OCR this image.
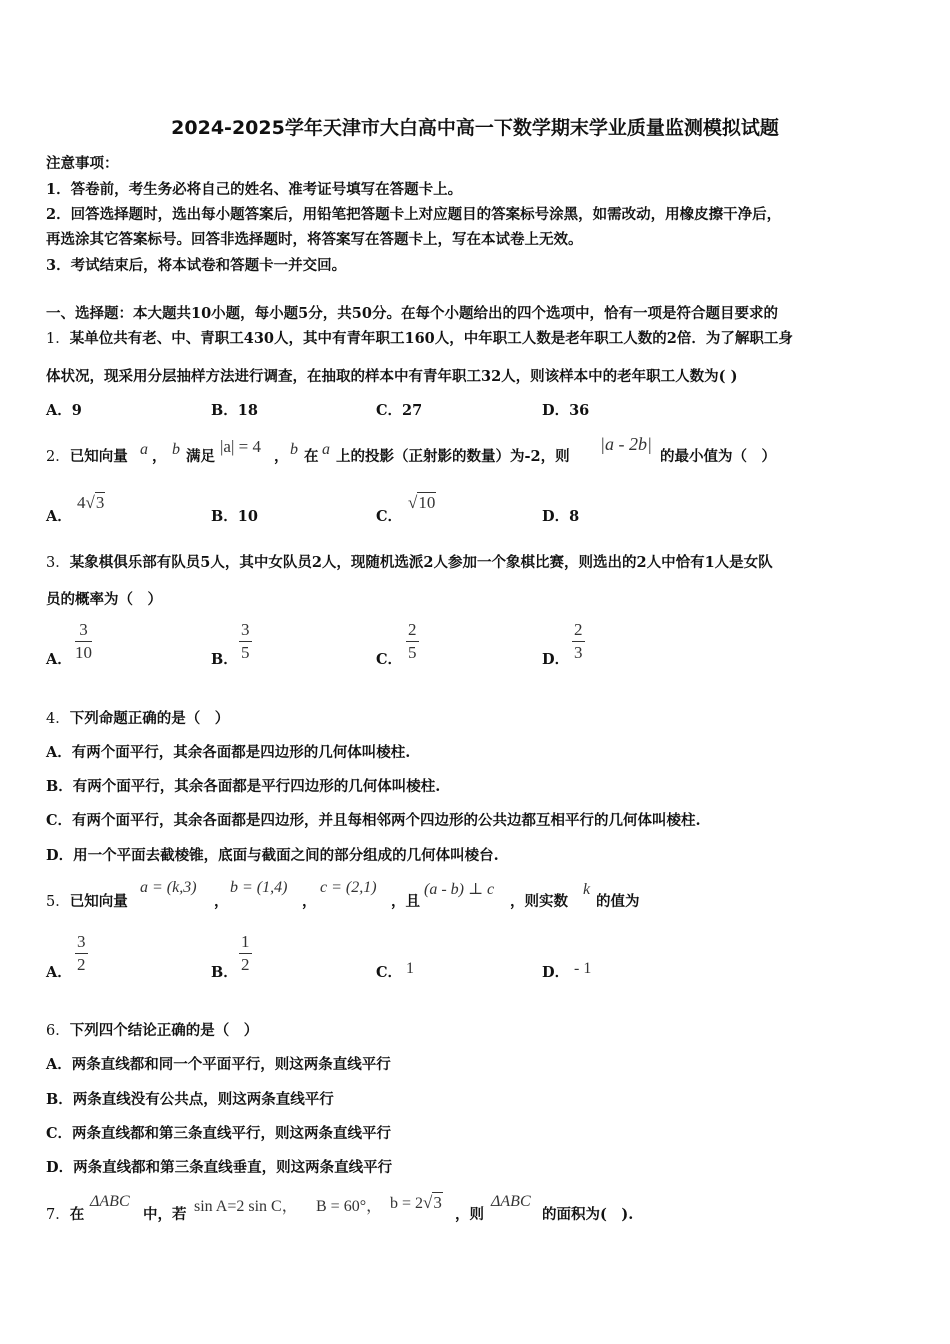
2024-2025学年天津市大白高中高一下数学期末学业质量监测模拟试题
注意事项：
1．答卷前，考生务必将自己的姓名、准考证号填写在答题卡上。
2．回答选择题时，选出每小题答案后，用铅笔把答题卡上对应题目的答案标号涂黑，如需改动，用橡皮擦干净后，
再选涂其它答案标号。回答非选择题时，将答案写在答题卡上，写在本试卷上无效。
3．考试结束后，将本试卷和答题卡一并交回。
一、选择题：本大题共10小题，每小题5分，共50分。在每个小题给出的四个选项中，恰有一项是符合题目要求的
1．某单位共有老、中、青职工430人，其中有青年职工160人，中年职工人数是老年职工人数的2倍．为了解职工身
体状况，现采用分层抽样方法进行调查，在抽取的样本中有青年职工32人，则该样本中的老年职工人数为( )
A．9	B．18	C．27	D．36
2．已知向量 a ， b 满足
|a| = 4
， b 在 a 上的投影（正射影的数量）为-2，则
|a - 2b|
的最小值为（　）
A．
4√3
B．10	C．
√10
D．8
3．某象棋俱乐部有队员5人，其中女队员2人，现随机选派2人参加一个象棋比赛，则选出的2人中恰有1人是女队
员的概率为（　）
A． $\frac{3}{10}$	B． $\frac{3}{5}$	C． $\frac{2}{5}$	D． $\frac{2}{3}$
4．下列命题正确的是（　）
A．有两个面平行，其余各面都是四边形的几何体叫棱柱.
B．有两个面平行，其余各面都是平行四边形的几何体叫棱柱.
C．有两个面平行，其余各面都是四边形，并且每相邻两个四边形的公共边都互相平行的几何体叫棱柱.
D．用一个平面去截棱锥，底面与截面之间的部分组成的几何体叫棱台.
5．已知向量
a = (k,3)
，
b = (1,4)
，
c = (2,1)
，且
(a - b) ⊥ c
，则实数
k
的值为
A． $\frac{3}{2}$	B． $\frac{1}{2}$	C． 1	D． - 1
6．下列四个结论正确的是（　）
A．两条直线都和同一个平面平行，则这两条直线平行
B．两条直线没有公共点，则这两条直线平行
C．两条直线都和第三条直线平行，则这两条直线平行
D．两条直线都和第三条直线垂直，则这两条直线平行
7．在
ΔABC
中，若 sin A=2 sin C， B = 60°， b = 2√3
，则
ΔABC
的面积为(　).
